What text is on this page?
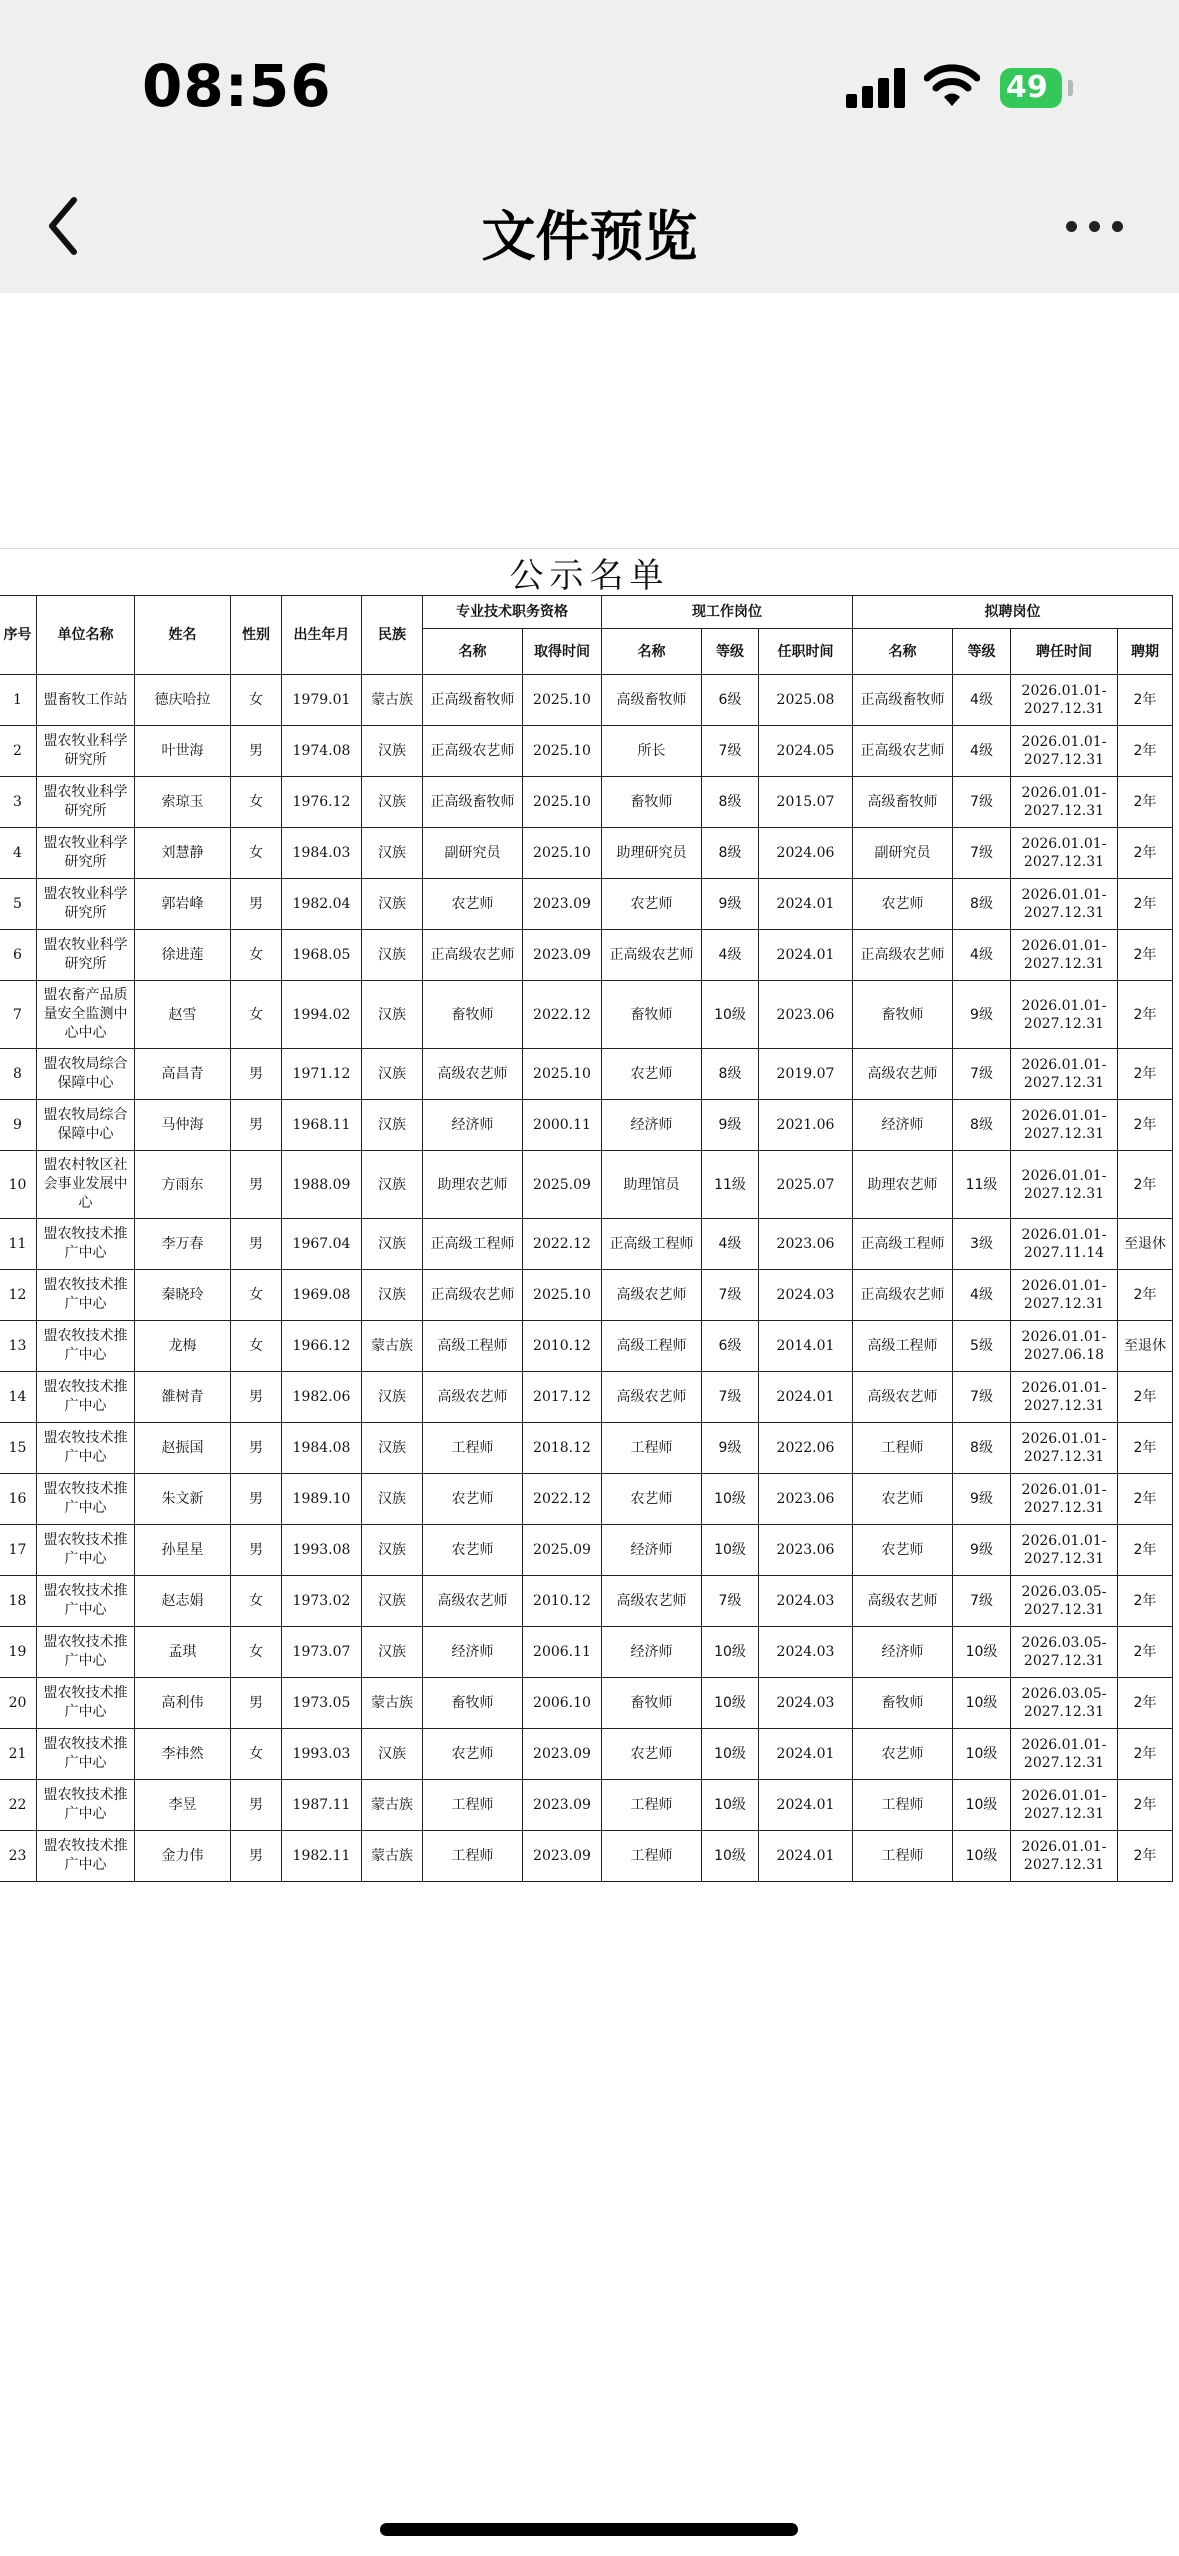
08:56	49
文件预览
公示名单
序号	单位名称	姓名	性别	出生年月	民族	专业技术职务资格		现工作岗位			拟聘岗位			
						名称	取得时间	名称	等级	任职时间	名称	等级	聘任时间	聘期
1	盟畜牧工作站	德庆哈拉	女	1979.01	蒙古族	正高级畜牧师	2025.10	高级畜牧师	6级	2025.08	正高级畜牧师	4级	2026.01.01-2027.12.31	2年
2	盟农牧业科学研究所	叶世海	男	1974.08	汉族	正高级农艺师	2025.10	所长	7级	2024.05	正高级农艺师	4级	2026.01.01-2027.12.31	2年
3	盟农牧业科学研究所	索琼玉	女	1976.12	汉族	正高级畜牧师	2025.10	畜牧师	8级	2015.07	高级畜牧师	7级	2026.01.01-2027.12.31	2年
4	盟农牧业科学研究所	刘慧静	女	1984.03	汉族	副研究员	2025.10	助理研究员	8级	2024.06	副研究员	7级	2026.01.01-2027.12.31	2年
5	盟农牧业科学研究所	郭岩峰	男	1982.04	汉族	农艺师	2023.09	农艺师	9级	2024.01	农艺师	8级	2026.01.01-2027.12.31	2年
6	盟农牧业科学研究所	徐进莲	女	1968.05	汉族	正高级农艺师	2023.09	正高级农艺师	4级	2024.01	正高级农艺师	4级	2026.01.01-2027.12.31	2年
7	盟农畜产品质量安全监测中心中心	赵雪	女	1994.02	汉族	畜牧师	2022.12	畜牧师	10级	2023.06	畜牧师	9级	2026.01.01-2027.12.31	2年
8	盟农牧局综合保障中心	高昌青	男	1971.12	汉族	高级农艺师	2025.10	农艺师	8级	2019.07	高级农艺师	7级	2026.01.01-2027.12.31	2年
9	盟农牧局综合保障中心	马仲海	男	1968.11	汉族	经济师	2000.11	经济师	9级	2021.06	经济师	8级	2026.01.01-2027.12.31	2年
10	盟农村牧区社会事业发展中心	方雨东	男	1988.09	汉族	助理农艺师	2025.09	助理馆员	11级	2025.07	助理农艺师	11级	2026.01.01-2027.12.31	2年
11	盟农牧技术推广中心	李万春	男	1967.04	汉族	正高级工程师	2022.12	正高级工程师	4级	2023.06	正高级工程师	3级	2026.01.01-2027.11.14	至退休
12	盟农牧技术推广中心	秦晓玲	女	1969.08	汉族	正高级农艺师	2025.10	高级农艺师	7级	2024.03	正高级农艺师	4级	2026.01.01-2027.12.31	2年
13	盟农牧技术推广中心	龙梅	女	1966.12	蒙古族	高级工程师	2010.12	高级工程师	6级	2014.01	高级工程师	5级	2026.01.01-2027.06.18	至退休
14	盟农牧技术推广中心	雒树青	男	1982.06	汉族	高级农艺师	2017.12	高级农艺师	7级	2024.01	高级农艺师	7级	2026.01.01-2027.12.31	2年
15	盟农牧技术推广中心	赵振国	男	1984.08	汉族	工程师	2018.12	工程师	9级	2022.06	工程师	8级	2026.01.01-2027.12.31	2年
16	盟农牧技术推广中心	朱文新	男	1989.10	汉族	农艺师	2022.12	农艺师	10级	2023.06	农艺师	9级	2026.01.01-2027.12.31	2年
17	盟农牧技术推广中心	孙星星	男	1993.08	汉族	农艺师	2025.09	经济师	10级	2023.06	农艺师	9级	2026.01.01-2027.12.31	2年
18	盟农牧技术推广中心	赵志娟	女	1973.02	汉族	高级农艺师	2010.12	高级农艺师	7级	2024.03	高级农艺师	7级	2026.03.05-2027.12.31	2年
19	盟农牧技术推广中心	孟琪	女	1973.07	汉族	经济师	2006.11	经济师	10级	2024.03	经济师	10级	2026.03.05-2027.12.31	2年
20	盟农牧技术推广中心	高利伟	男	1973.05	蒙古族	畜牧师	2006.10	畜牧师	10级	2024.03	畜牧师	10级	2026.03.05-2027.12.31	2年
21	盟农牧技术推广中心	李祎然	女	1993.03	汉族	农艺师	2023.09	农艺师	10级	2024.01	农艺师	10级	2026.01.01-2027.12.31	2年
22	盟农牧技术推广中心	李昱	男	1987.11	蒙古族	工程师	2023.09	工程师	10级	2024.01	工程师	10级	2026.01.01-2027.12.31	2年
23	盟农牧技术推广中心	金力伟	男	1982.11	蒙古族	工程师	2023.09	工程师	10级	2024.01	工程师	10级	2026.01.01-2027.12.31	2年
